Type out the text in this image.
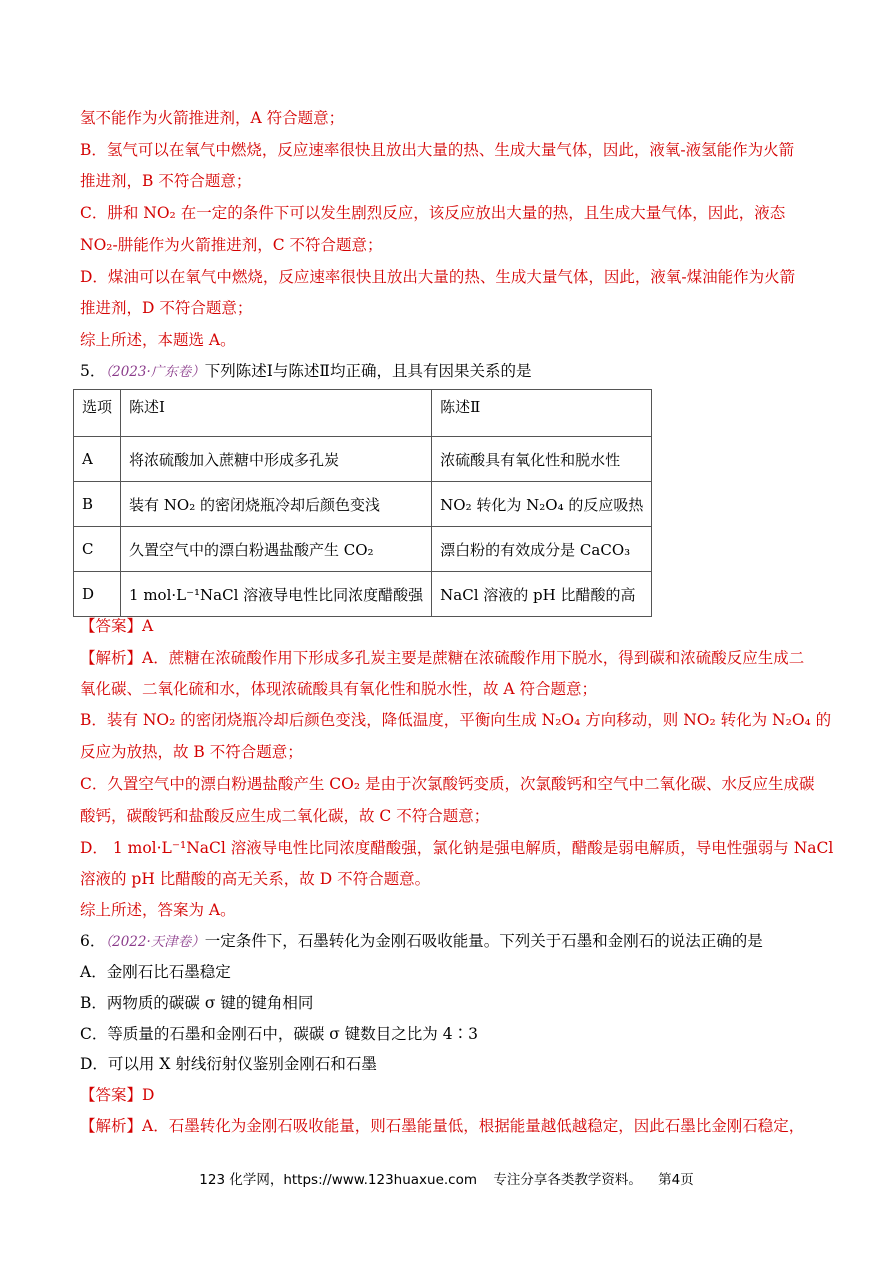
氢不能作为火箭推进剂，A 符合题意；
B．氢气可以在氧气中燃烧，反应速率很快且放出大量的热、生成大量气体，因此，液氧-液氢能作为火箭
推进剂，B 不符合题意；
C．肼和 NO₂ 在一定的条件下可以发生剧烈反应，该反应放出大量的热，且生成大量气体，因此，液态
NO₂-肼能作为火箭推进剂，C 不符合题意；
D．煤油可以在氧气中燃烧，反应速率很快且放出大量的热、生成大量气体，因此，液氧-煤油能作为火箭
推进剂，D 不符合题意；
综上所述，本题选 A。
5．（2023·广东卷）下列陈述Ⅰ与陈述Ⅱ均正确，且具有因果关系的是
选项	陈述Ⅰ	陈述Ⅱ
A	将浓硫酸加入蔗糖中形成多孔炭	浓硫酸具有氧化性和脱水性
B	装有 NO₂ 的密闭烧瓶冷却后颜色变浅	NO₂ 转化为 N₂O₄ 的反应吸热
C	久置空气中的漂白粉遇盐酸产生 CO₂	漂白粉的有效成分是 CaCO₃
D	1 mol·L⁻¹NaCl 溶液导电性比同浓度醋酸强	NaCl 溶液的 pH 比醋酸的高
【答案】A
【解析】A．蔗糖在浓硫酸作用下形成多孔炭主要是蔗糖在浓硫酸作用下脱水，得到碳和浓硫酸反应生成二
氧化碳、二氧化硫和水，体现浓硫酸具有氧化性和脱水性，故 A 符合题意；
B．装有 NO₂ 的密闭烧瓶冷却后颜色变浅，降低温度，平衡向生成 N₂O₄ 方向移动，则 NO₂ 转化为 N₂O₄ 的
反应为放热，故 B 不符合题意；
C．久置空气中的漂白粉遇盐酸产生 CO₂ 是由于次氯酸钙变质，次氯酸钙和空气中二氧化碳、水反应生成碳
酸钙，碳酸钙和盐酸反应生成二氧化碳，故 C 不符合题意；
D． 1 mol·L⁻¹NaCl 溶液导电性比同浓度醋酸强，氯化钠是强电解质，醋酸是弱电解质，导电性强弱与 NaCl
溶液的 pH 比醋酸的高无关系，故 D 不符合题意。
综上所述，答案为 A。
6．（2022·天津卷）一定条件下，石墨转化为金刚石吸收能量。下列关于石墨和金刚石的说法正确的是
A．金刚石比石墨稳定
B．两物质的碳碳 σ 键的键角相同
C．等质量的石墨和金刚石中，碳碳 σ 键数目之比为 4∶3
D．可以用 X 射线衍射仪鉴别金刚石和石墨
【答案】D
【解析】A．石墨转化为金刚石吸收能量，则石墨能量低，根据能量越低越稳定，因此石墨比金刚石稳定，
123 化学网，https://www.123huaxue.com 专注分享各类教学资料。 第4页
